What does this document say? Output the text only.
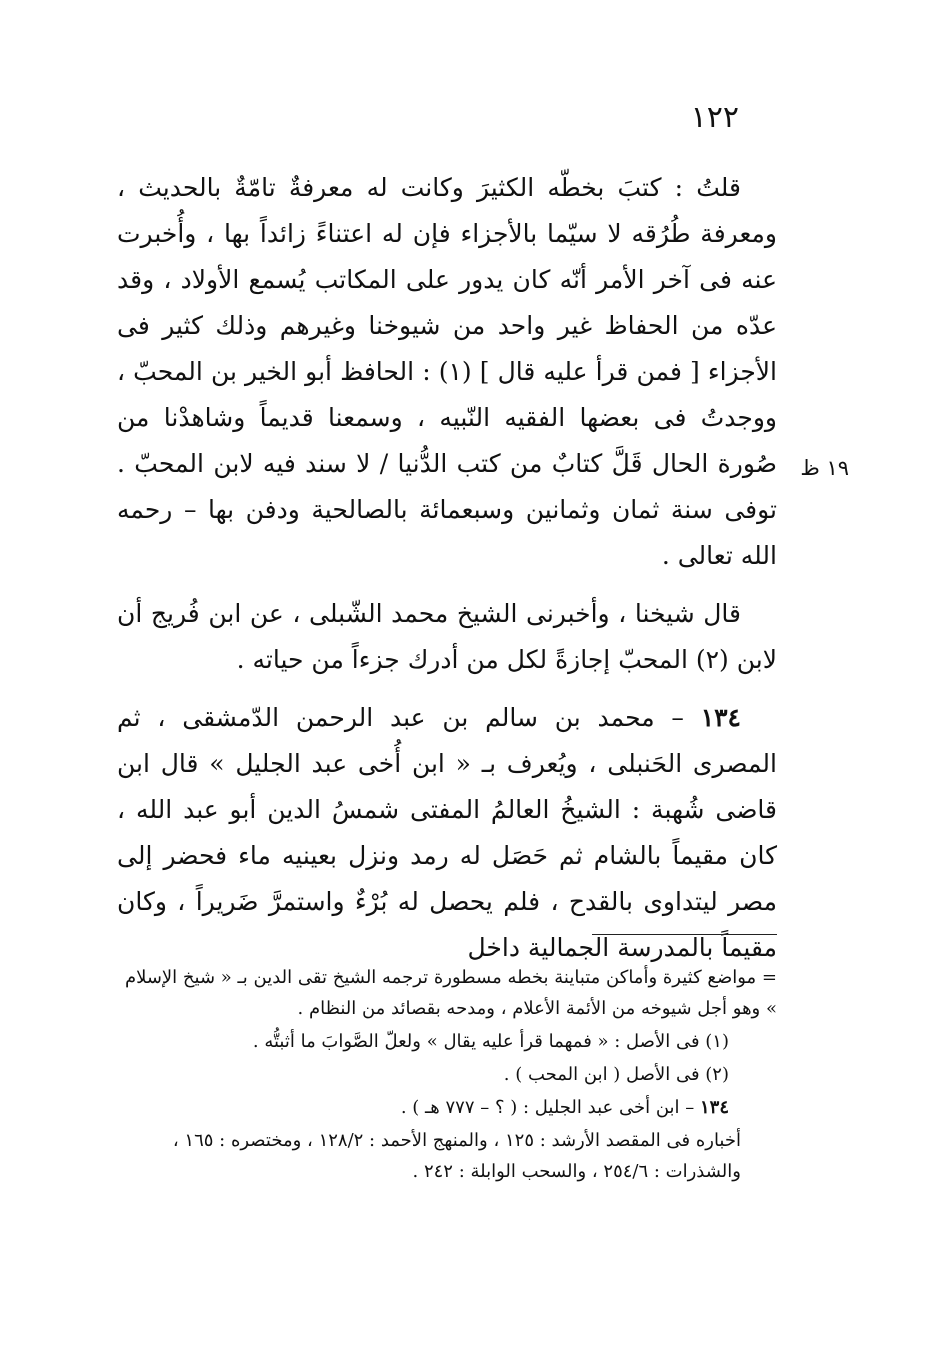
١٢٢

قلتُ : كتبَ بخطّه الكثيرَ وكانت له معرفةٌ تامّةٌ بالحديث ، ومعرفة طُرُقه لا سيّما بالأجزاء فإن له اعتناءً زائداً بها ، وأُخبرت عنه فى آخر الأمر أنّه كان يدور على المكاتب يُسمع الأولاد ، وقد عدّه من الحفاظ غير واحد من شيوخنا وغيرهم وذلك كثير فى الأجزاء [ فمن قرأ عليه قال ] (١) : الحافظ أبو الخير بن المحبّ ، ووجدتُ فى بعضها الفقيه النّبيه ، وسمعنا قديماً وشاهدْنا من صُورة الحال قَلَّ كتابٌ من كتب الدُّنيا / لا سند فيه لابن المحبّ . توفى سنة ثمان وثمانين وسبعمائة بالصالحية ودفن بها – رحمه الله تعالى .

قال شيخنا ، وأخبرنى الشيخ محمد الشّبلى ، عن ابن فُريج أن لابن (٢) المحبّ إجازةً لكل من أدرك جزءاً من حياته .

١٣٤ – محمد بن سالم بن عبد الرحمن الدّمشقى ، ثم المصرى الحَنبلى ، ويُعرف بـ « ابن أُخى عبد الجليل » قال ابن قاضى شُهبة : الشيخُ العالمُ المفتى شمسُ الدين أبو عبد الله ، كان مقيماً بالشام ثم حَصَل له رمد ونزل بعينيه ماء فحضر إلى مصر ليتداوى بالقدح ، فلم يحصل له بُرْءٌ واستمرَّ ضَريراً ، وكان مقيماً بالمدرسة الجمالية داخل

١٩ ظ

= مواضع كثيرة وأماكن متباينة بخطه مسطورة ترجمه الشيخ تقى الدين بـ « شيخ الإسلام » وهو أجل شيوخه من الأئمة الأعلام ، ومدحه بقصائد من النظام .

(١) فى الأصل : « فمهما قرأ عليه يقال » ولعلّ الصَّوابَ ما أثبتُّه .

(٢) فى الأصل ( ابن المحب ) .

١٣٤ – ابن أخى عبد الجليل : ( ؟ – ٧٧٧ هـ ) .

أخباره فى المقصد الأرشد : ١٢٥ ، والمنهج الأحمد : ١٢٨/٢ ، ومختصره : ١٦٥ ، والشذرات : ٢٥٤/٦ ، والسحب الوابلة : ٢٤٢ .
